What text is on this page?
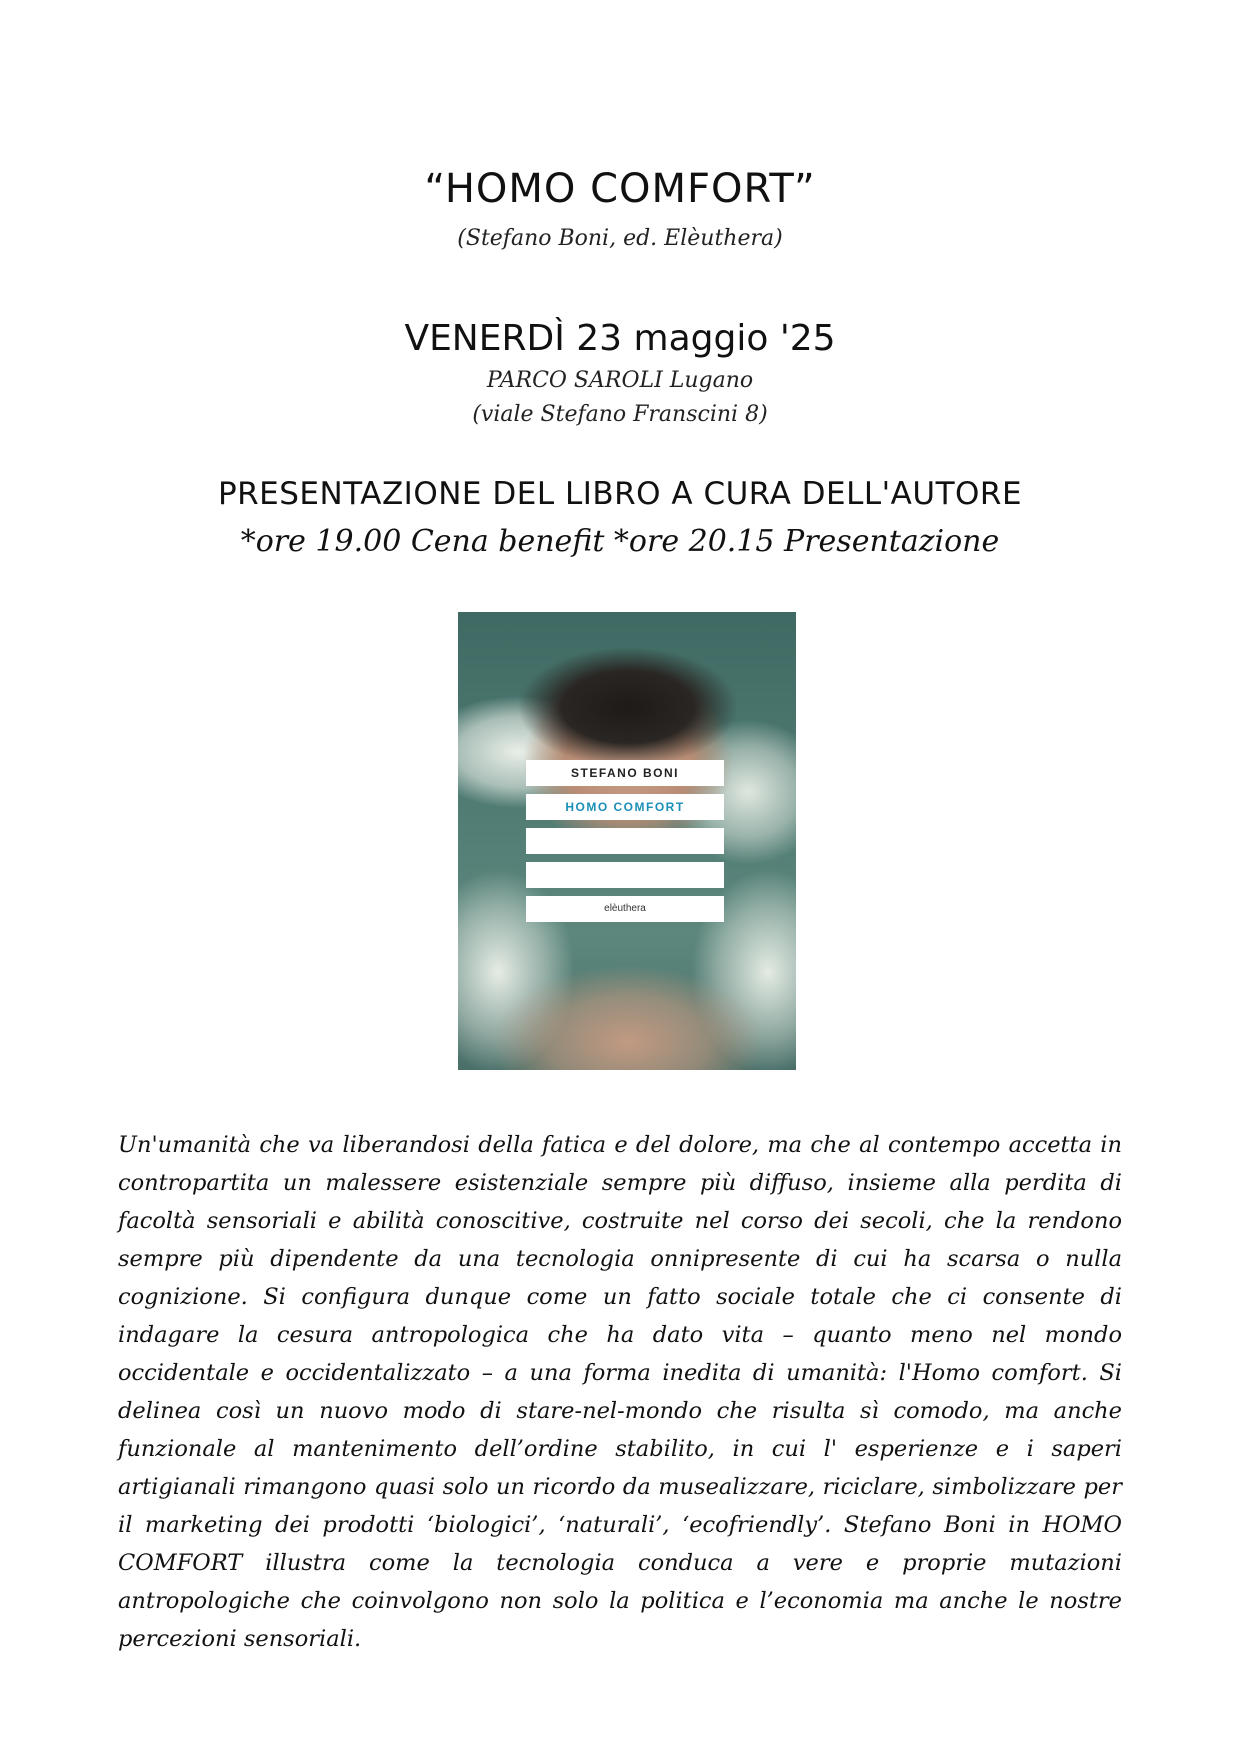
“HOMO COMFORT”
(Stefano Boni, ed. Elèuthera)
VENERDÌ 23 maggio '25
PARCO SAROLI Lugano
(viale Stefano Franscini 8)
PRESENTAZIONE DEL LIBRO A CURA DELL'AUTORE
*ore 19.00 Cena benefit *ore 20.15 Presentazione
STEFANO BONI
HOMO COMFORT
elèuthera

Un'umanità che va liberandosi della fatica e del dolore, ma che al contempo accetta in contropartita un malessere esistenziale sempre più diffuso, insieme alla perdita di facoltà sensoriali e abilità conoscitive, costruite nel corso dei secoli, che la rendono sempre più dipendente da una tecnologia onnipresente di cui ha scarsa o nulla cognizione. Si configura dunque come un fatto sociale totale che ci consente di indagare la cesura antropologica che ha dato vita – quanto meno nel mondo occidentale e occidentalizzato – a una forma inedita di umanità: l'Homo comfort. Si delinea così un nuovo modo di stare-nel-mondo che risulta sì comodo, ma anche funzionale al mantenimento dell’ordine stabilito, in cui l' esperienze e i saperi artigianali rimangono quasi solo un ricordo da musealizzare, riciclare, simbolizzare per il marketing dei prodotti ‘biologici’, ‘naturali’, ‘ecofriendly’. Stefano Boni in HOMO COMFORT illustra come la tecnologia conduca a vere e proprie mutazioni antropologiche che coinvolgono non solo la politica e l’economia ma anche le nostre percezioni sensoriali.
